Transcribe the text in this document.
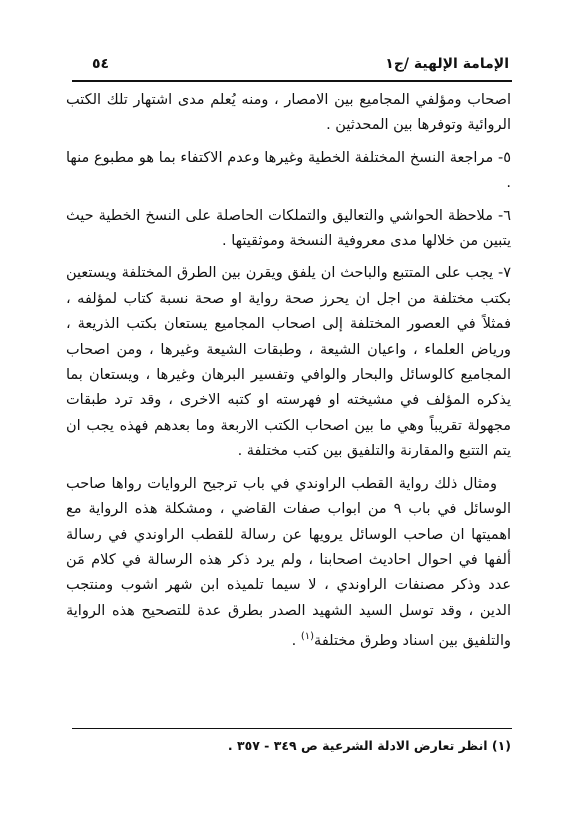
الإمامة الإلهية /ج١
٥٤

اصحاب ومؤلفي المجاميع بين الامصار ، ومنه يُعلم مدى اشتهار تلك الكتب الروائية وتوفرها بين المحدثين .

٥- مراجعة النسخ المختلفة الخطية وغيرها وعدم الاكتفاء بما هو مطبوع منها .

٦- ملاحظة الحواشي والتعاليق والتملكات الحاصلة على النسخ الخطية حيث يتبين من خلالها مدى معروفية النسخة وموثقيتها .

٧- يجب على المتتبع والباحث ان يلفق ويقرن بين الطرق المختلفة ويستعين بكتب مختلفة من اجل ان يحرز صحة رواية او صحة نسبة كتاب لمؤلفه ، فمثلاً في العصور المختلفة إلى اصحاب المجاميع يستعان بكتب الذريعة ، ورياض العلماء ، واعيان الشيعة ، وطبقات الشيعة وغيرها ، ومن اصحاب المجاميع كالوسائل والبحار والوافي وتفسير البرهان وغيرها ، ويستعان بما يذكره المؤلف في مشيخته او فهرسته او كتبه الاخرى ، وقد ترد طبقات مجهولة تقريباً وهي ما بين اصحاب الكتب الاربعة وما بعدهم فهذه يجب ان يتم التتبع والمقارنة والتلفيق بين كتب مختلفة .

ومثال ذلك رواية القطب الراوندي في باب ترجيح الروايات رواها صاحب الوسائل في باب ٩ من ابواب صفات القاضي ، ومشكلة هذه الرواية مع اهميتها ان صاحب الوسائل يرويها عن رسالة للقطب الراوندي في رسالة ألفها في احوال احاديث اصحابنا ، ولم يرد ذكر هذه الرسالة في كلام مَن عدد وذكر مصنفات الراوندي ، لا سيما تلميذه ابن شهر اشوب ومنتجب الدين ، وقد توسل السيد الشهيد الصدر بطرق عدة للتصحيح هذه الرواية والتلفيق بين اسناد وطرق مختلفة$^{(١)}$ .

(١) انظر تعارض الادلة الشرعية ص ٣٤٩ - ٣٥٧ .
